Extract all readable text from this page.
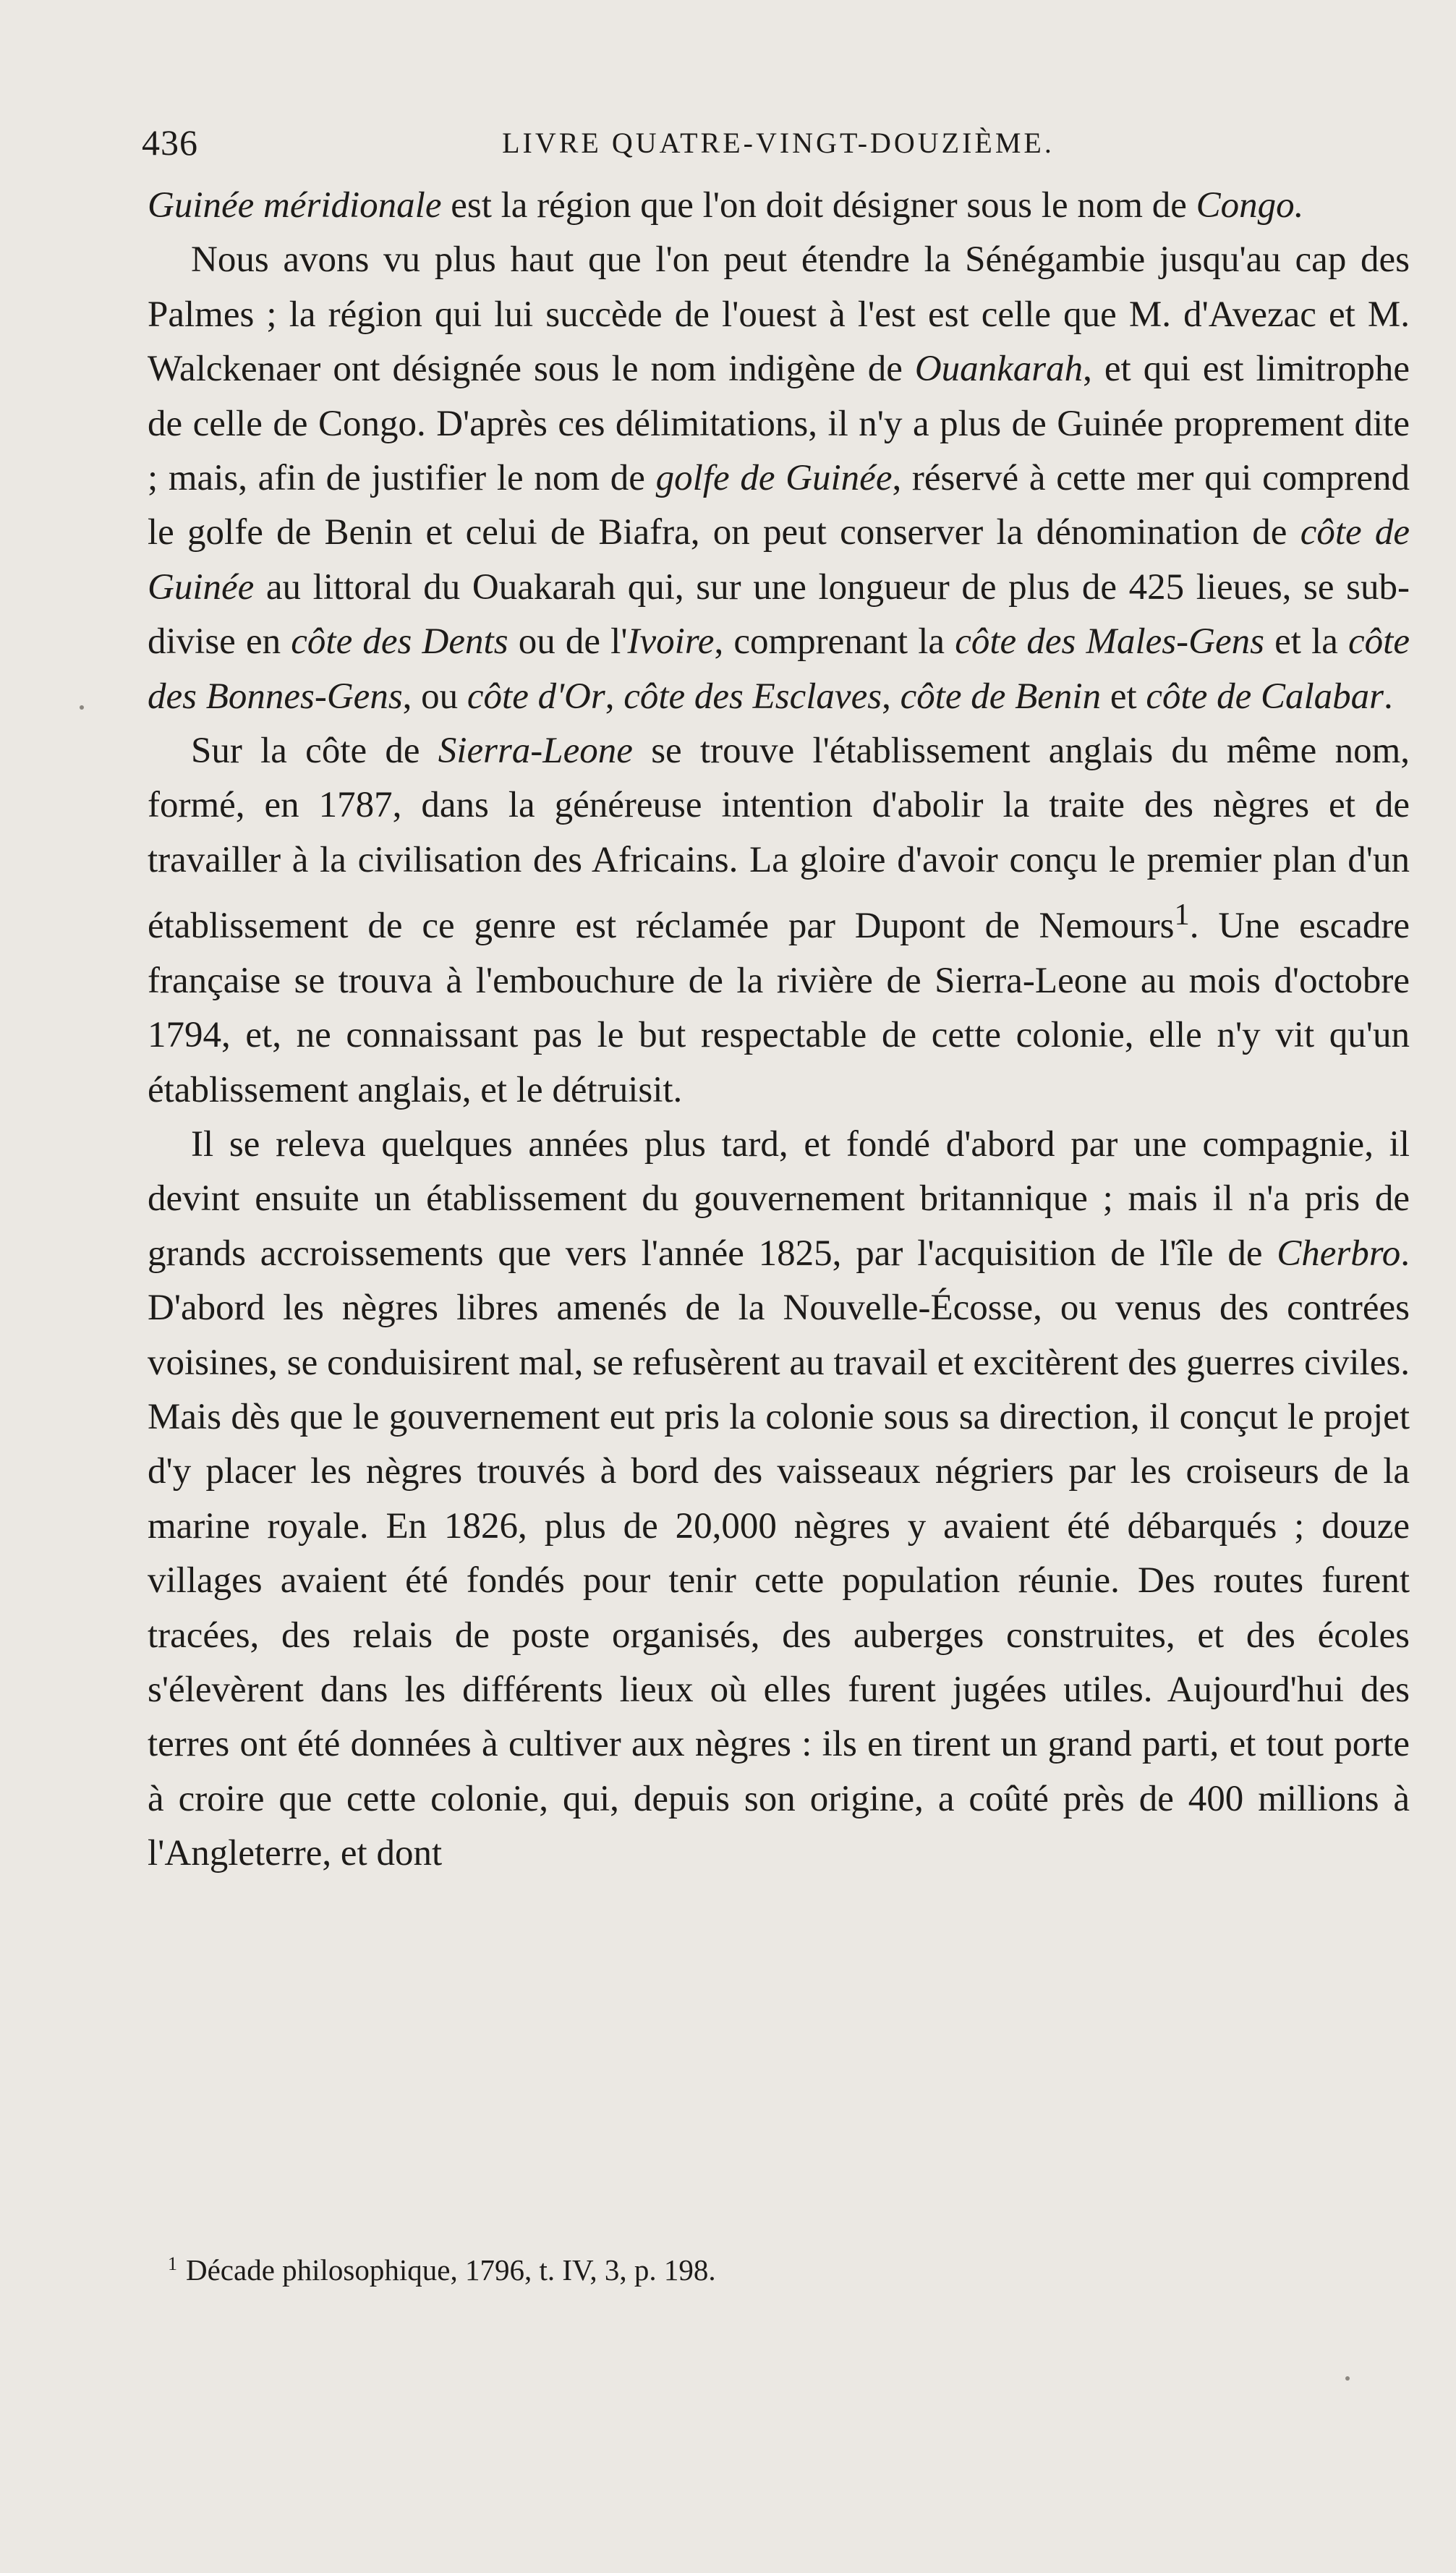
436	LIVRE QUATRE-VINGT-DOUZIÈME.

Guinée méridionale est la région que l'on doit désigner sous le nom de Congo.

Nous avons vu plus haut que l'on peut étendre la Sénégambie jusqu'au cap des Palmes ; la région qui lui succède de l'ouest à l'est est celle que M. d'Avezac et M. Walckenaer ont désignée sous le nom indigène de Ouankarah, et qui est limitrophe de celle de Congo. D'après ces délimitations, il n'y a plus de Guinée proprement dite ; mais, afin de justifier le nom de golfe de Guinée, réservé à cette mer qui comprend le golfe de Benin et celui de Biafra, on peut conserver la dénomination de côte de Guinée au littoral du Ouakarah qui, sur une longueur de plus de 425 lieues, se subdivise en côte des Dents ou de l'Ivoire, comprenant la côte des Males-Gens et la côte des Bonnes-Gens, ou côte d'Or, côte des Esclaves, côte de Benin et côte de Calabar.

Sur la côte de Sierra-Leone se trouve l'établissement anglais du même nom, formé, en 1787, dans la généreuse intention d'abolir la traite des nègres et de travailler à la civilisation des Africains. La gloire d'avoir conçu le premier plan d'un établissement de ce genre est réclamée par Dupont de Nemours$^1$. Une escadre française se trouva à l'embouchure de la rivière de Sierra-Leone au mois d'octobre 1794, et, ne connaissant pas le but respectable de cette colonie, elle n'y vit qu'un établissement anglais, et le détruisit.

Il se releva quelques années plus tard, et fondé d'abord par une compagnie, il devint ensuite un établissement du gouvernement britannique ; mais il n'a pris de grands accroissements que vers l'année 1825, par l'acquisition de l'île de Cherbro. D'abord les nègres libres amenés de la Nouvelle-Écosse, ou venus des contrées voisines, se conduisirent mal, se refusèrent au travail et excitèrent des guerres civiles. Mais dès que le gouvernement eut pris la colonie sous sa direction, il conçut le projet d'y placer les nègres trouvés à bord des vaisseaux négriers par les croiseurs de la marine royale. En 1826, plus de 20,000 nègres y avaient été débarqués ; douze villages avaient été fondés pour tenir cette population réunie. Des routes furent tracées, des relais de poste organisés, des auberges construites, et des écoles s'élevèrent dans les différents lieux où elles furent jugées utiles. Aujourd'hui des terres ont été données à cultiver aux nègres : ils en tirent un grand parti, et tout porte à croire que cette colonie, qui, depuis son origine, a coûté près de 400 millions à l'Angleterre, et dont

$^1$ Décade philosophique, 1796, t. IV, 3, p. 198.
